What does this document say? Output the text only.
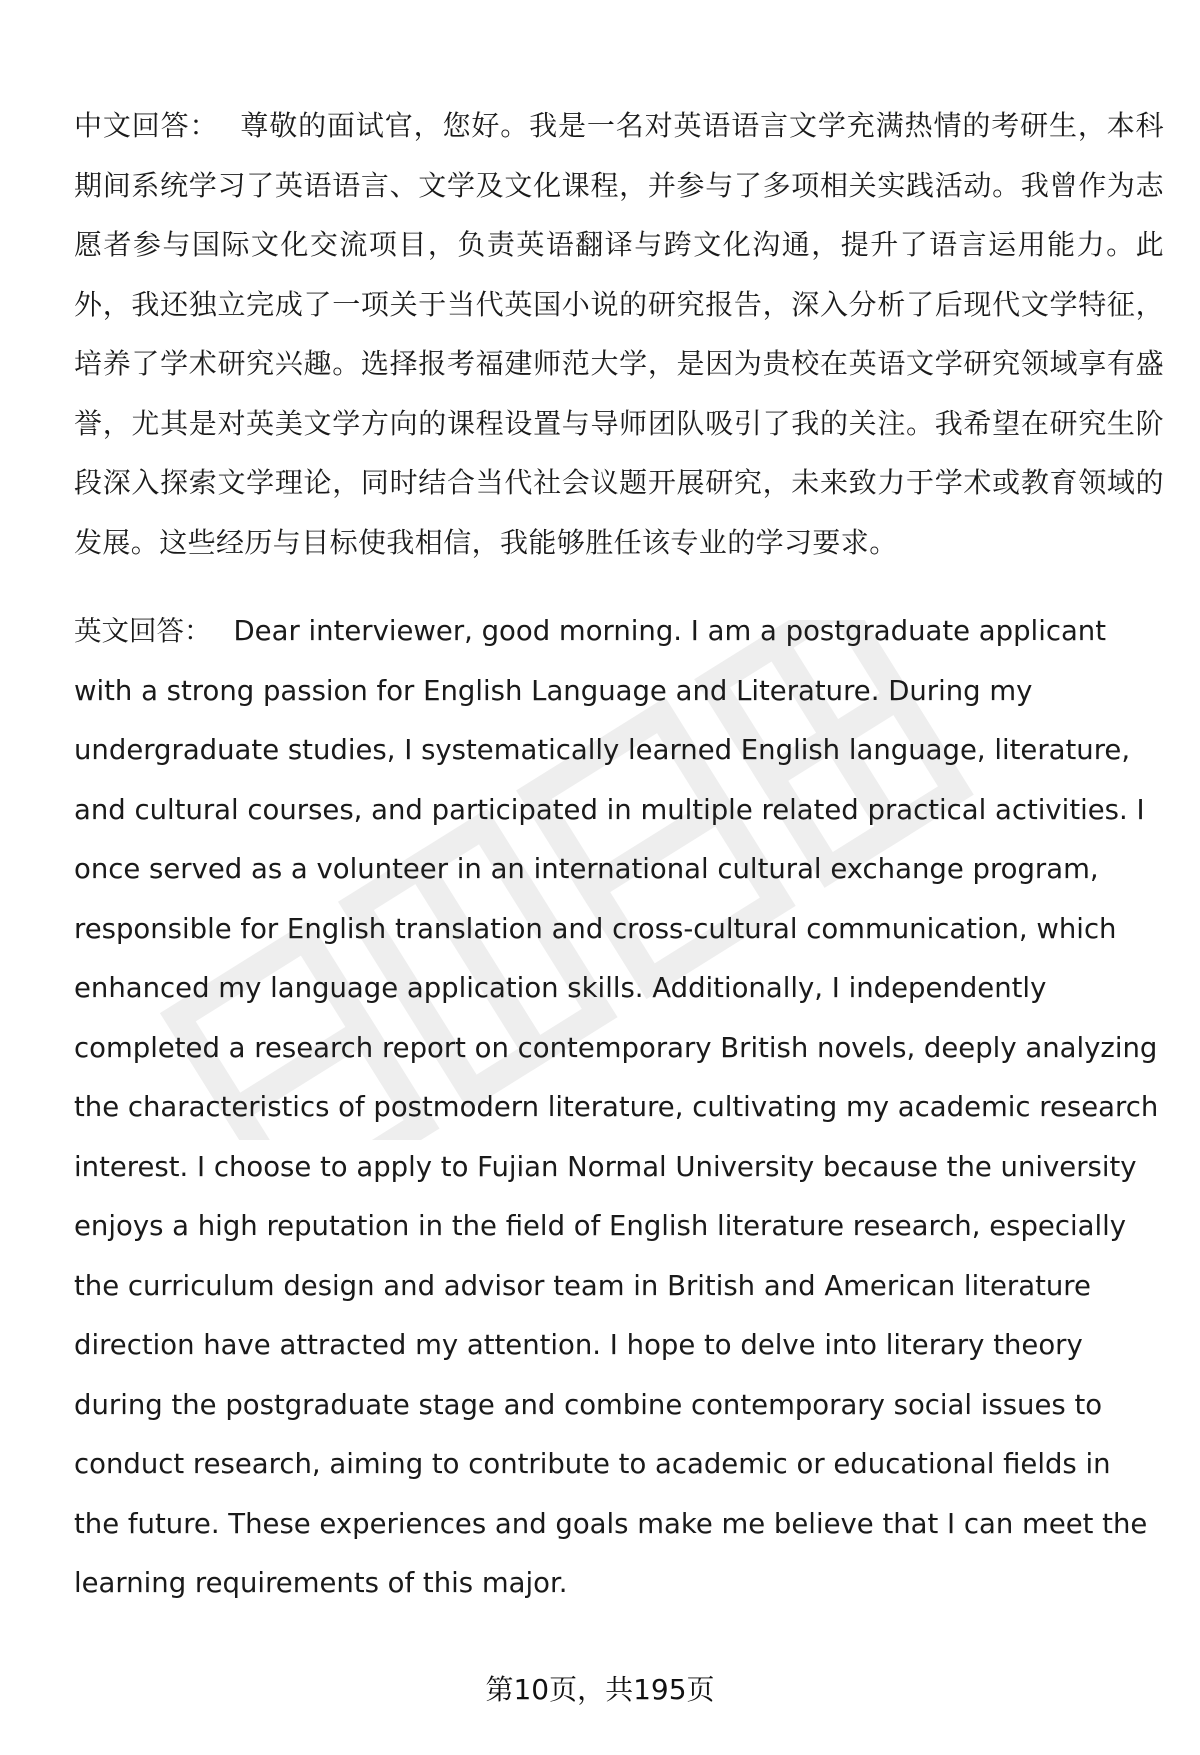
中文回答： 尊敬的面试官，您好。我是一名对英语语言文学充满热情的考研生，本科期间系统学习了英语语言、文学及文化课程，并参与了多项相关实践活动。我曾作为志愿者参与国际文化交流项目，负责英语翻译与跨文化沟通，提升了语言运用能力。此外，我还独立完成了一项关于当代英国小说的研究报告，深入分析了后现代文学特征，培养了学术研究兴趣。选择报考福建师范大学，是因为贵校在英语文学研究领域享有盛誉，尤其是对英美文学方向的课程设置与导师团队吸引了我的关注。我希望在研究生阶段深入探索文学理论，同时结合当代社会议题开展研究，未来致力于学术或教育领域的发展。这些经历与目标使我相信，我能够胜任该专业的学习要求。

英文回答： Dear interviewer, good morning. I am a postgraduate applicant with a strong passion for English Language and Literature. During my undergraduate studies, I systematically learned English language, literature, and cultural courses, and participated in multiple related practical activities. I once served as a volunteer in an international cultural exchange program, responsible for English translation and cross-cultural communication, which enhanced my language application skills. Additionally, I independently completed a research report on contemporary British novels, deeply analyzing the characteristics of postmodern literature, cultivating my academic research interest. I choose to apply to Fujian Normal University because the university enjoys a high reputation in the field of English literature research, especially the curriculum design and advisor team in British and American literature direction have attracted my attention. I hope to delve into literary theory during the postgraduate stage and combine contemporary social issues to conduct research, aiming to contribute to academic or educational fields in the future. These experiences and goals make me believe that I can meet the learning requirements of this major.

第10页，共195页
